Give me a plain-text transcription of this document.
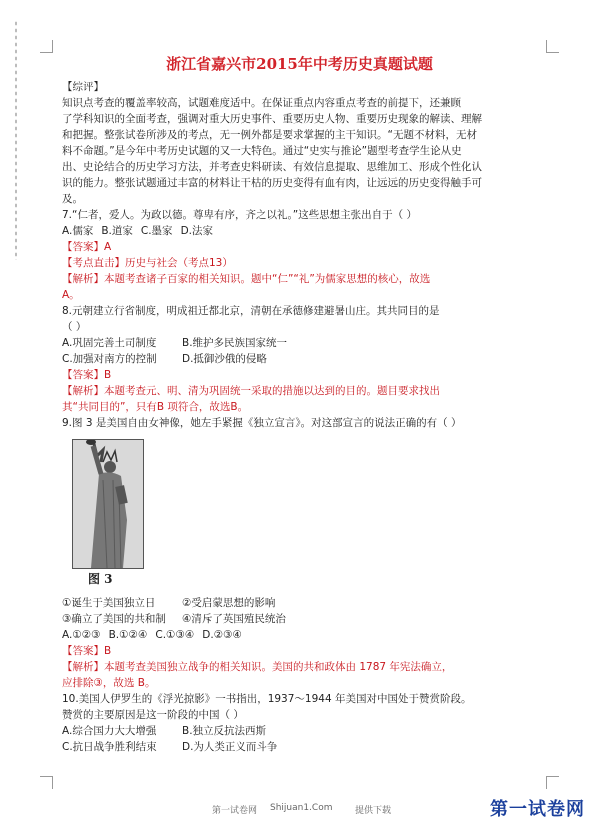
浙江省嘉兴市2015年中考历史真题试题

【综评】

知识点考查的覆盖率较高，试题难度适中。在保证重点内容重点考查的前提下，还兼顾

了学科知识的全面考查，强调对重大历史事件、重要历史人物、重要历史现象的解读、理解

和把握。整张试卷所涉及的考点，无一例外都是要求掌握的主干知识。“无题不材料，无材

料不命题。”是今年中考历史试题的又一大特色。通过“史实与推论”题型考查学生论从史

出、史论结合的历史学习方法，并考查史料研读、有效信息提取、思维加工、形成个性化认

识的能力。整张试题通过丰富的材料让干枯的历史变得有血有肉，让远远的历史变得触手可

及。

7.“仁者，爱人。为政以德。尊卑有序，齐之以礼。”这些思想主张出自于（ ）

A.儒家 B.道家 C.墨家 D.法家

【答案】A

【考点直击】历史与社会（考点13）

【解析】本题考查诸子百家的相关知识。题中“仁”“礼”为儒家思想的核心，故选

A。

8.元朝建立行省制度，明成祖迁都北京，清朝在承德修建避暑山庄。其共同目的是

（ ）

A.巩固完善土司制度	B.维护多民族国家统一
C.加强对南方的控制	D.抵御沙俄的侵略

【答案】B

【解析】本题考查元、明、清为巩固统一采取的措施以达到的目的。题目要求找出

其“共同目的”，只有B 项符合，故选B。

9.图 3 是美国自由女神像，她左手紧握《独立宣言》。对这部宣言的说法正确的有（ ）

图 3
①诞生于美国独立日	②受启蒙思想的影响
③确立了美国的共和制	④清斥了英国殖民统治
A.①②③ B.①②④ C.①③④ D.②③④

【答案】B

【解析】本题考查美国独立战争的相关知识。美国的共和政体由 1787 年宪法确立，

应排除③，故选 B。

10.美国人伊罗生的《浮光掠影》一书指出，1937～1944 年美国对中国处于赞赏阶段。

赞赏的主要原因是这一阶段的中国（ ）

A.综合国力大大增强	B.独立反抗法西斯
C.抗日战争胜利结束	D.为人类正义而斗争
第一试卷网 Shijuan1.Com	提供下载	第一试卷网
